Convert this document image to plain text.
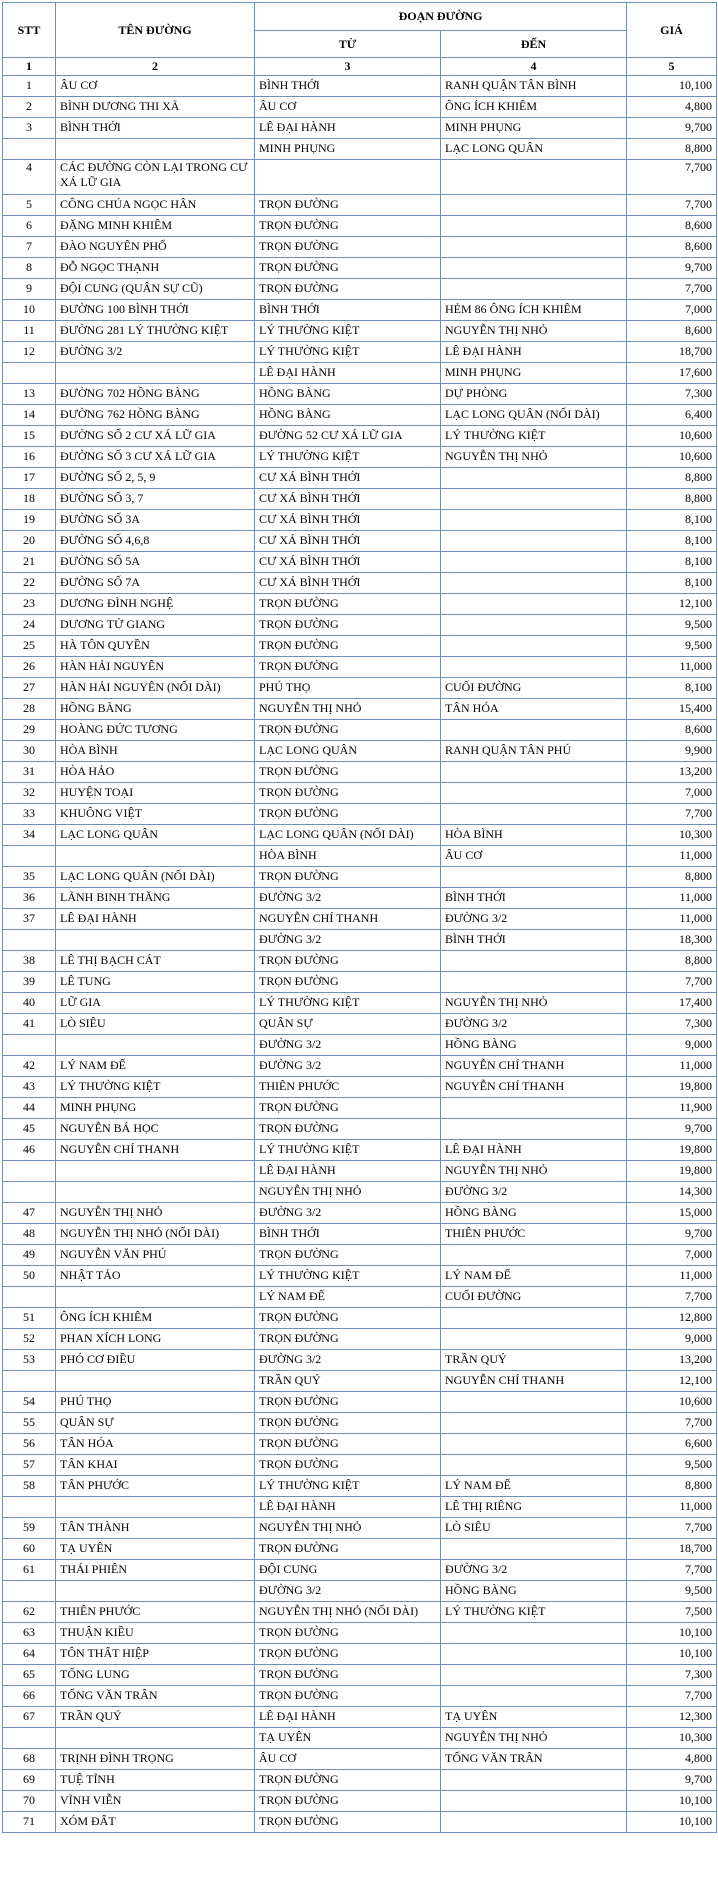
STT	TÊN ĐƯỜNG	ĐOẠN ĐƯỜNG		GIÁ
		TỪ	ĐẾN	
1	2	3	4	5
1	ÂU CƠ	BÌNH THỚI	RANH QUẬN TÂN BÌNH	10,100
2	BÌNH DƯƠNG THI XÃ	ÂU CƠ	ÔNG ÍCH KHIÊM	4,800
3	BÌNH THỚI	LÊ ĐẠI HÀNH	MINH PHỤNG	9,700
		MINH PHỤNG	LẠC LONG QUÂN	8,800
4	CÁC ĐƯỜNG CÒN LẠI TRONG CƯ XÁ LỮ GIA			7,700
5	CÔNG CHÚA NGỌC HÂN	TRỌN ĐƯỜNG		7,700
6	ĐẶNG MINH KHIÊM	TRỌN ĐƯỜNG		8,600
7	ĐÀO NGUYÊN PHỔ	TRỌN ĐƯỜNG		8,600
8	ĐỖ NGỌC THẠNH	TRỌN ĐƯỜNG		9,700
9	ĐỘI CUNG (QUÂN SỰ CŨ)	TRỌN ĐƯỜNG		7,700
10	ĐƯỜNG 100 BÌNH THỚI	BÌNH THỚI	HẺM 86 ÔNG ÍCH KHIÊM	7,000
11	ĐƯỜNG 281 LÝ THƯỜNG KIỆT	LÝ THƯỜNG KIỆT	NGUYỄN THỊ NHỎ	8,600
12	ĐƯỜNG 3/2	LÝ THƯỜNG KIỆT	LÊ ĐẠI HÀNH	18,700
		LÊ ĐẠI HÀNH	MINH PHỤNG	17,600
13	ĐƯỜNG 702 HỒNG BÀNG	HỒNG BÀNG	DỰ PHÒNG	7,300
14	ĐƯỜNG 762 HỒNG BÀNG	HỒNG BÀNG	LẠC LONG QUÂN (NỐI DÀI)	6,400
15	ĐƯỜNG SỐ 2 CƯ XÁ LỮ GIA	ĐƯỜNG 52 CƯ XÁ LỮ GIA	LÝ THƯỜNG KIỆT	10,600
16	ĐƯỜNG SỐ 3 CƯ XÁ LỮ GIA	LÝ THƯỜNG KIỆT	NGUYỄN THỊ NHỎ	10,600
17	ĐƯỜNG SỐ 2, 5, 9	CƯ XÁ BÌNH THỚI		8,800
18	ĐƯỜNG SỐ 3, 7	CƯ XÁ BÌNH THỚI		8,800
19	ĐƯỜNG SỐ 3A	CƯ XÁ BÌNH THỚI		8,100
20	ĐƯỜNG SỐ 4,6,8	CƯ XÁ BÌNH THỚI		8,100
21	ĐƯỜNG SỐ 5A	CƯ XÁ BÌNH THỚI		8,100
22	ĐƯỜNG SỐ 7A	CƯ XÁ BÌNH THỚI		8,100
23	DƯƠNG ĐÌNH NGHỆ	TRỌN ĐƯỜNG		12,100
24	DƯƠNG TỬ GIANG	TRỌN ĐƯỜNG		9,500
25	HÀ TÔN QUYỀN	TRỌN ĐƯỜNG		9,500
26	HÀN HẢI NGUYÊN	TRỌN ĐƯỜNG		11,000
27	HÀN HẢI NGUYÊN (NỐI DÀI)	PHÚ THỌ	CUỐI ĐƯỜNG	8,100
28	HỒNG BÀNG	NGUYỄN THỊ NHỎ	TÂN HÓA	15,400
29	HOÀNG ĐỨC TƯƠNG	TRỌN ĐƯỜNG		8,600
30	HÒA BÌNH	LẠC LONG QUÂN	RANH QUẬN TÂN PHÚ	9,900
31	HÒA HẢO	TRỌN ĐƯỜNG		13,200
32	HUYỆN TOẠI	TRỌN ĐƯỜNG		7,000
33	KHUÔNG VIỆT	TRỌN ĐƯỜNG		7,700
34	LẠC LONG QUÂN	LẠC LONG QUÂN (NỐI DÀI)	HÒA BÌNH	10,300
		HÒA BÌNH	ÂU CƠ	11,000
35	LẠC LONG QUÂN (NỐI DÀI)	TRỌN ĐƯỜNG		8,800
36	LÃNH BINH THĂNG	ĐƯỜNG 3/2	BÌNH THỚI	11,000
37	LÊ ĐẠI HÀNH	NGUYỄN CHÍ THANH	ĐƯỜNG 3/2	11,000
		ĐƯỜNG 3/2	BÌNH THỚI	18,300
38	LÊ THỊ BẠCH CÁT	TRỌN ĐƯỜNG		8,800
39	LÊ TUNG	TRỌN ĐƯỜNG		7,700
40	LỮ GIA	LÝ THƯỜNG KIỆT	NGUYỄN THỊ NHỎ	17,400
41	LÒ SIÊU	QUÂN SỰ	ĐƯỜNG 3/2	7,300
		ĐƯỜNG 3/2	HỒNG BÀNG	9,000
42	LÝ NAM ĐẾ	ĐƯỜNG 3/2	NGUYỄN CHÍ THANH	11,000
43	LÝ THƯỜNG KIỆT	THIÊN PHƯỚC	NGUYỄN CHÍ THANH	19,800
44	MINH PHỤNG	TRỌN ĐƯỜNG		11,900
45	NGUYỄN BÁ HỌC	TRỌN ĐƯỜNG		9,700
46	NGUYỄN CHÍ THANH	LÝ THƯỜNG KIỆT	LÊ ĐẠI HÀNH	19,800
		LÊ ĐẠI HÀNH	NGUYỄN THỊ NHỎ	19,800
		NGUYỄN THỊ NHỎ	ĐƯỜNG 3/2	14,300
47	NGUYỄN THỊ NHỎ	ĐƯỜNG 3/2	HỒNG BÀNG	15,000
48	NGUYỄN THỊ NHỎ (NỐI DÀI)	BÌNH THỚI	THIÊN PHƯỚC	9,700
49	NGUYỄN VĂN PHÚ	TRỌN ĐƯỜNG		7,000
50	NHẬT TẢO	LÝ THƯỜNG KIỆT	LÝ NAM ĐẾ	11,000
		LÝ NAM ĐẾ	CUỐI ĐƯỜNG	7,700
51	ÔNG ÍCH KHIÊM	TRỌN ĐƯỜNG		12,800
52	PHAN XÍCH LONG	TRỌN ĐƯỜNG		9,000
53	PHÓ CƠ ĐIỀU	ĐƯỜNG 3/2	TRẦN QUÝ	13,200
		TRẦN QUÝ	NGUYỄN CHÍ THANH	12,100
54	PHÚ THỌ	TRỌN ĐƯỜNG		10,600
55	QUÂN SỰ	TRỌN ĐƯỜNG		7,700
56	TÂN HÓA	TRỌN ĐƯỜNG		6,600
57	TÂN KHAI	TRỌN ĐƯỜNG		9,500
58	TÂN PHƯỚC	LÝ THƯỜNG KIỆT	LÝ NAM ĐẾ	8,800
		LÊ ĐẠI HÀNH	LÊ THỊ RIÊNG	11,000
59	TÂN THÀNH	NGUYỄN THỊ NHỎ	LÒ SIÊU	7,700
60	TẠ UYÊN	TRỌN ĐƯỜNG		18,700
61	THÁI PHIÊN	ĐỘI CUNG	ĐƯỜNG 3/2	7,700
		ĐƯỜNG 3/2	HỒNG BÀNG	9,500
62	THIÊN PHƯỚC	NGUYỄN THỊ NHỎ (NỐI DÀI)	LÝ THƯỜNG KIỆT	7,500
63	THUẬN KIỀU	TRỌN ĐƯỜNG		10,100
64	TÔN THẤT HIỆP	TRỌN ĐƯỜNG		10,100
65	TỐNG LUNG	TRỌN ĐƯỜNG		7,300
66	TỐNG VĂN TRÂN	TRỌN ĐƯỜNG		7,700
67	TRẦN QUÝ	LÊ ĐẠI HÀNH	TẠ UYÊN	12,300
		TẠ UYÊN	NGUYỄN THỊ NHỎ	10,300
68	TRỊNH ĐÌNH TRỌNG	ÂU CƠ	TỐNG VĂN TRÂN	4,800
69	TUỆ TĨNH	TRỌN ĐƯỜNG		9,700
70	VĨNH VIỄN	TRỌN ĐƯỜNG		10,100
71	XÓM ĐẤT	TRỌN ĐƯỜNG		10,100
